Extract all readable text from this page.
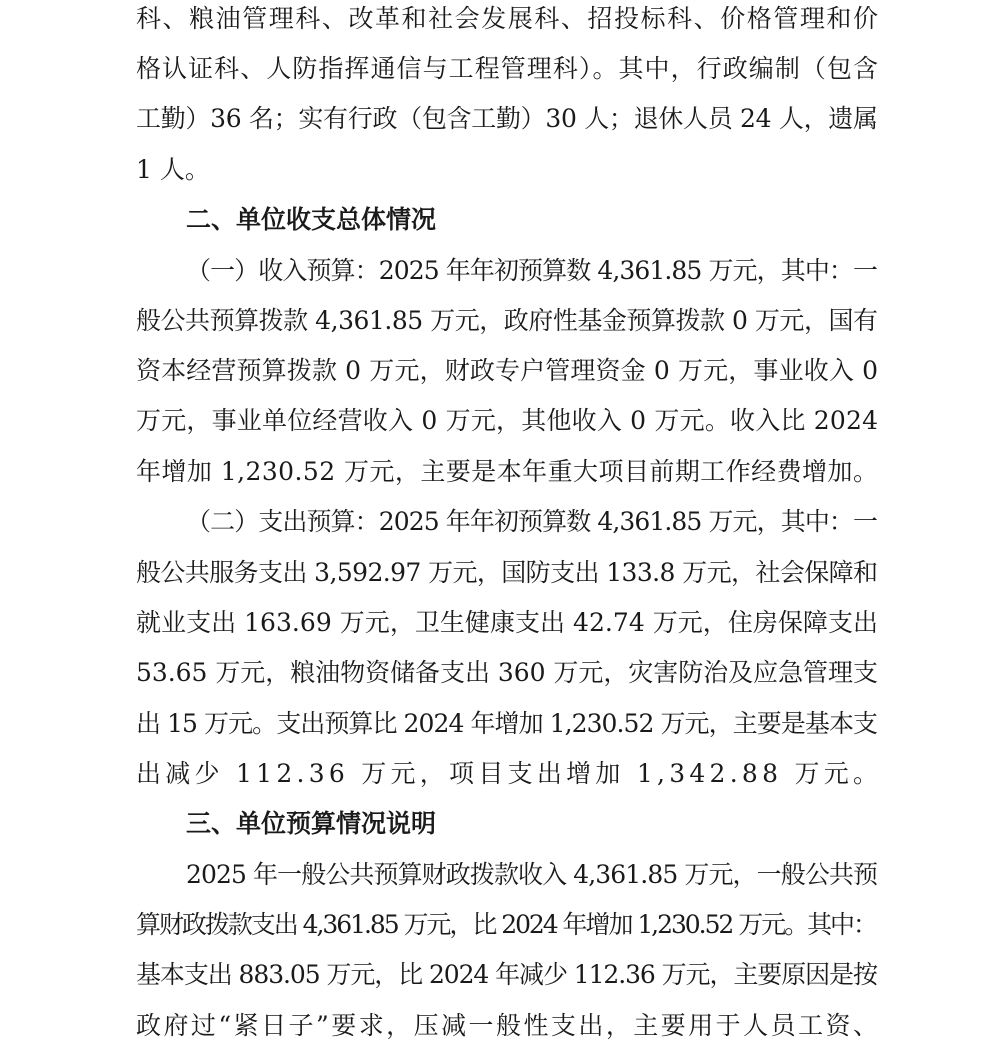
科、粮油管理科、改革和社会发展科、招投标科、价格管理和价
格认证科、人防指挥通信与工程管理科）。其中，行政编制（包含
工勤）36 名；实有行政（包含工勤）30 人；退休人员 24 人，遗属
1 人。
二、单位收支总体情况
（一）收入预算：2025 年年初预算数 4,361.85 万元，其中：一
般公共预算拨款 4,361.85 万元，政府性基金预算拨款 0 万元，国有
资本经营预算拨款 0 万元，财政专户管理资金 0 万元，事业收入 0
万元，事业单位经营收入 0 万元，其他收入 0 万元。收入比 2024
年增加 1,230.52 万元，主要是本年重大项目前期工作经费增加。
（二）支出预算：2025 年年初预算数 4,361.85 万元，其中：一
般公共服务支出 3,592.97 万元，国防支出 133.8 万元，社会保障和
就业支出 163.69 万元，卫生健康支出 42.74 万元，住房保障支出
53.65 万元，粮油物资储备支出 360 万元，灾害防治及应急管理支
出 15 万元。支出预算比 2024 年增加 1,230.52 万元，主要是基本支
出减少 112.36 万元，项目支出增加 1,342.88 万元。
三、单位预算情况说明
2025 年一般公共预算财政拨款收入 4,361.85 万元，一般公共预
算财政拨款支出 4,361.85 万元，比 2024 年增加 1,230.52 万元。其中：
基本支出 883.05 万元，比 2024 年减少 112.36 万元，主要原因是按
政府过“紧日子”要求，压减一般性支出，主要用于人员工资、
